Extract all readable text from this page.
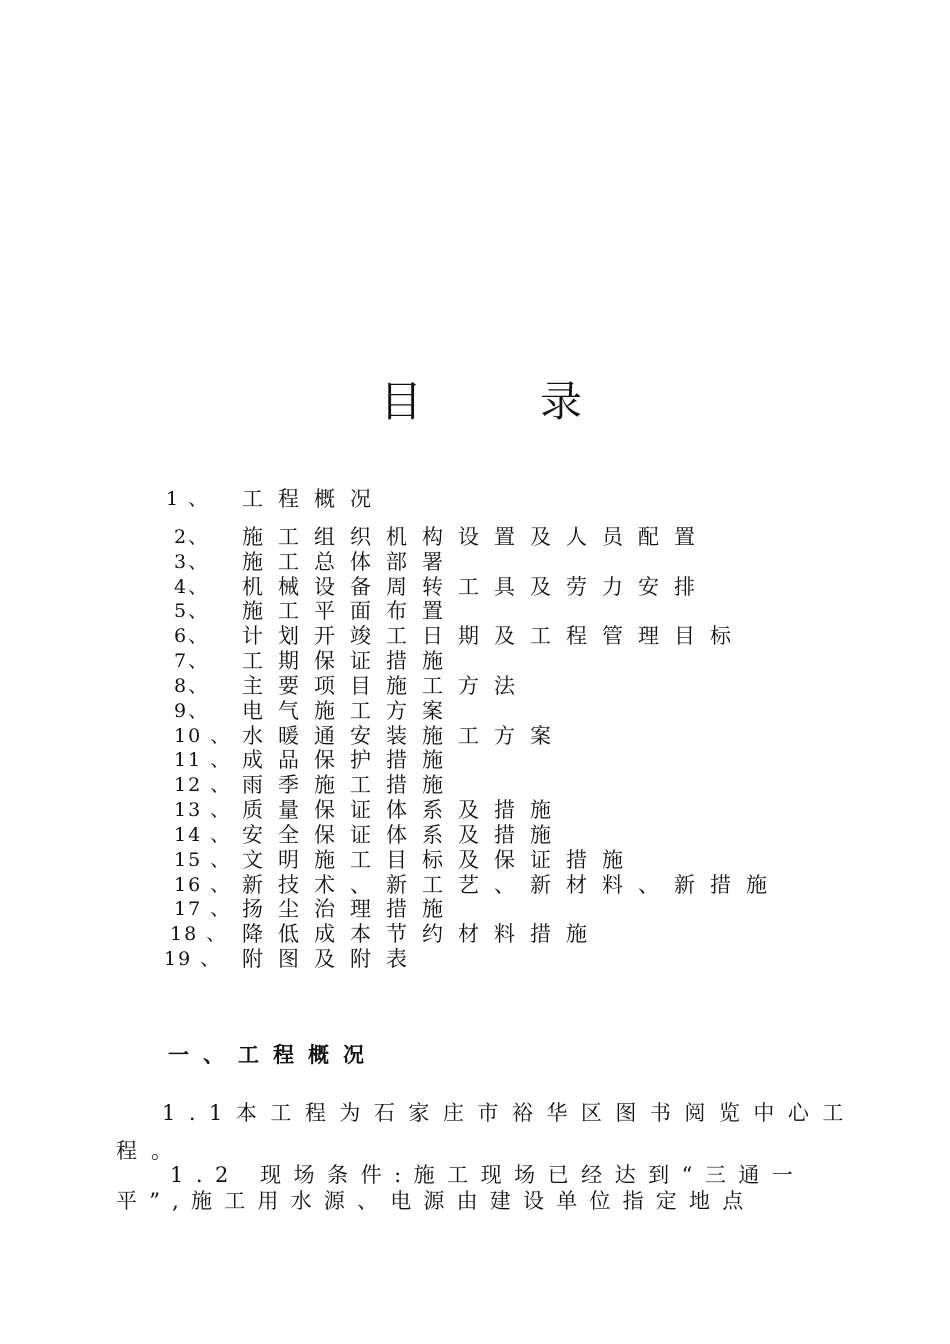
目	录
1 、 工程概况
2、 施工组织机构设置及人员配置
3、 施工总体部署
4、 机械设备周转工具及劳力安排
5、 施工平面布置
6、 计划开竣工日期及工程管理目标
7、 工期保证措施
8、 主要项目施工方法
9、 电气施工方案
10 、 水暖通安装施工方案
11 、 成品保护措施
12 、 雨季施工措施
13 、 质量保证体系及措施
14 、 安全保证体系及措施
15 、 文明施工目标及保证措施
16 、 新技术、新工艺、新材料、新措施
17 、 扬尘治理措施
18 、 降低成本节约材料措施
19 、 附图及附表
一、工程概况
1.1本工程为石家庄市裕华区图书阅览中心工
程。
1.2 现场条件:施工现场已经达到“三通一
平”,施工用水源、电源由建设单位指定地点
